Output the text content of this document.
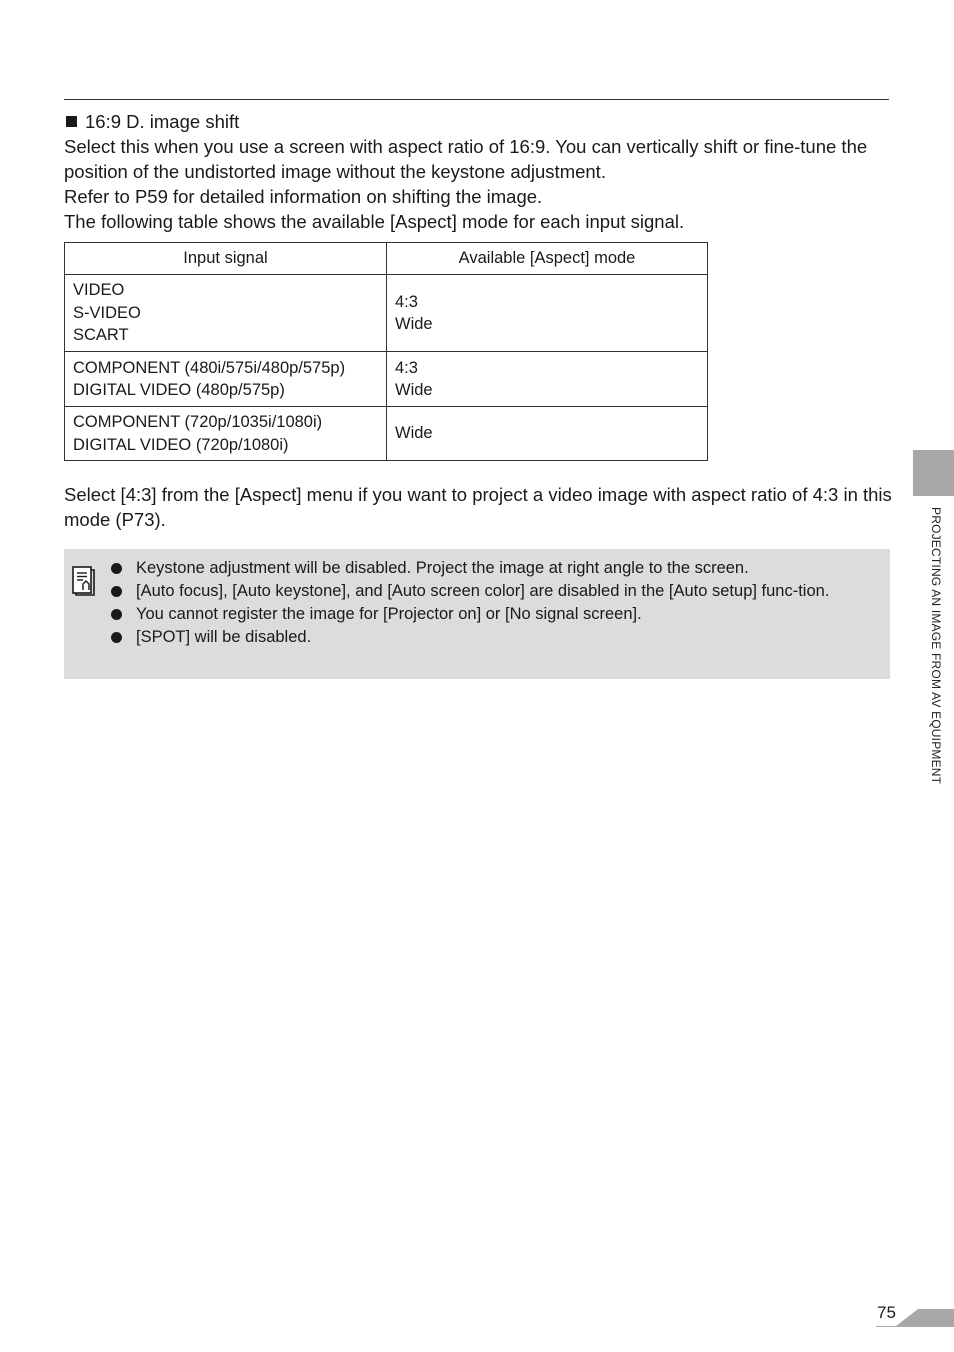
16:9 D. image shift

Select this when you use a screen with aspect ratio of 16:9. You can vertically shift or fine-tune the position of the undistorted image without the keystone adjustment.

Refer to P59 for detailed information on shifting the image.

The following table shows the available [Aspect] mode for each input signal.

Input signal	Available [Aspect] mode

VIDEO
S-VIDEO
SCART	4:3
Wide

COMPONENT (480i/575i/480p/575p)
DIGITAL VIDEO (480p/575p)	4:3
Wide

COMPONENT (720p/1035i/1080i)
DIGITAL VIDEO (720p/1080i)	Wide

Select [4:3] from the [Aspect] menu if you want to project a video image with aspect ratio of 4:3 in this mode (P73).

Keystone adjustment will be disabled. Project the image at right angle to the screen.
[Auto focus], [Auto keystone], and [Auto screen color] are disabled in the [Auto setup] func-tion.
You cannot register the image for [Projector on] or [No signal screen].
[SPOT] will be disabled.	PROJECTING AN IMAGE FROM AV EQUIPMENT
75
